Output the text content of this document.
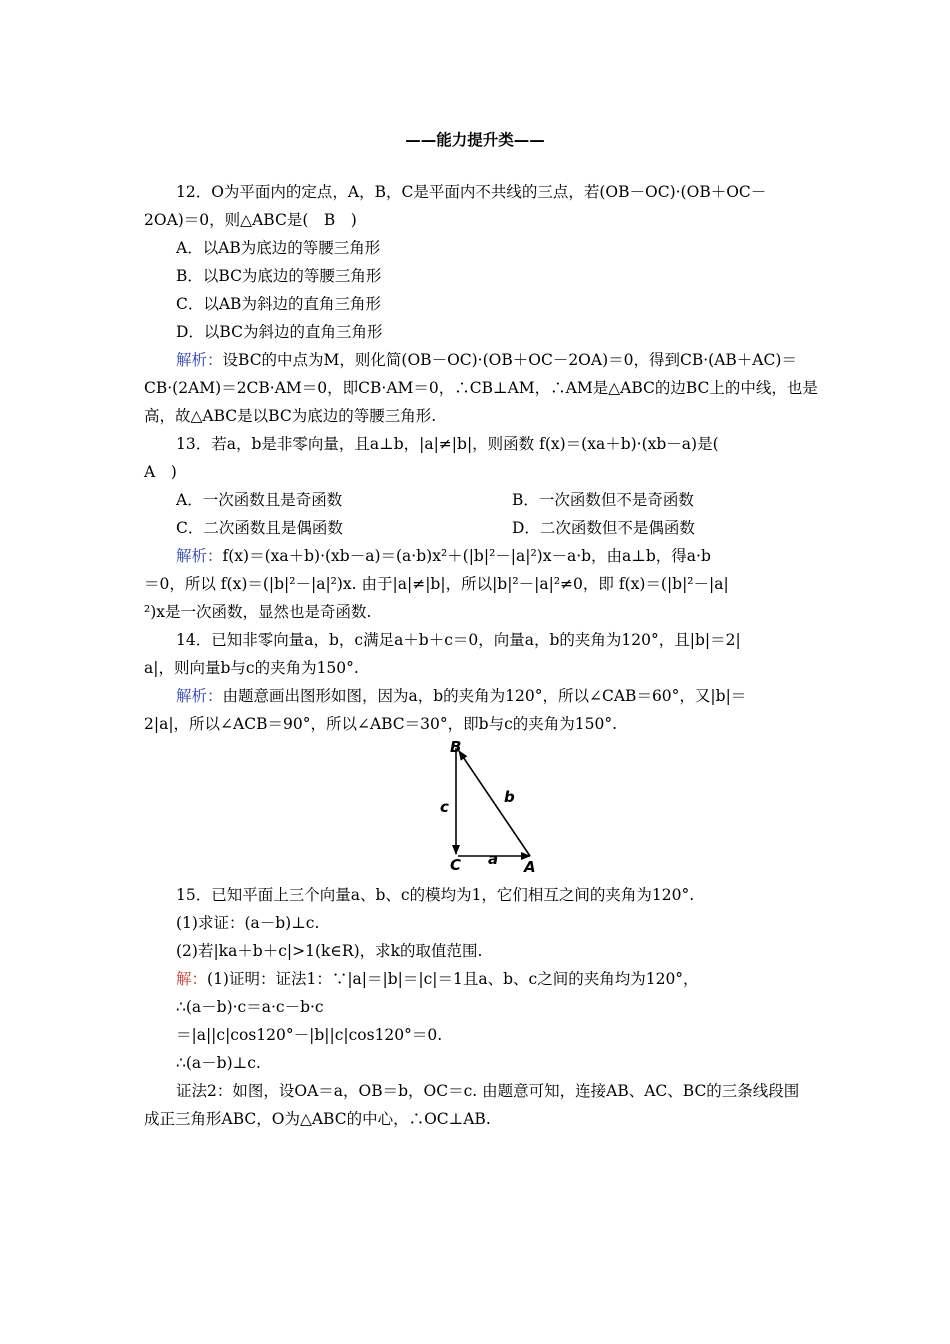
——能力提升类——
12．O为平面内的定点，A，B，C是平面内不共线的三点，若(OB－OC)·(OB＋OC－
2OA)＝0，则△ABC是(　B　)
A．以AB为底边的等腰三角形
B．以BC为底边的等腰三角形
C．以AB为斜边的直角三角形
D．以BC为斜边的直角三角形
解析：设BC的中点为M，则化简(OB－OC)·(OB＋OC－2OA)＝0，得到CB·(AB＋AC)＝
CB·(2AM)＝2CB·AM＝0，即CB·AM＝0，∴CB⊥AM，∴AM是△ABC的边BC上的中线，也是
高，故△ABC是以BC为底边的等腰三角形.
13．若a，b是非零向量，且a⊥b，|a|≠|b|，则函数 f(x)＝(xa＋b)·(xb－a)是(
A　)
A．一次函数且是奇函数	B．一次函数但不是奇函数
C．二次函数且是偶函数	D．二次函数但不是偶函数
解析：f(x)＝(xa＋b)·(xb－a)＝(a·b)x²＋(|b|²－|a|²)x－a·b，由a⊥b，得a·b
＝0，所以 f(x)＝(|b|²－|a|²)x. 由于|a|≠|b|，所以|b|²－|a|²≠0，即 f(x)＝(|b|²－|a|
²)x是一次函数，显然也是奇函数.
14．已知非零向量a，b，c满足a＋b＋c＝0，向量a，b的夹角为120°，且|b|＝2|
a|，则向量b与c的夹角为150°.
解析：由题意画出图形如图，因为a，b的夹角为120°，所以∠CAB＝60°，又|b|＝
2|a|，所以∠ACB＝90°，所以∠ABC＝30°，即b与c的夹角为150°.
B
C	A
a
b
c
15．已知平面上三个向量a、b、c的模均为1，它们相互之间的夹角为120°.
(1)求证：(a－b)⊥c.
(2)若|ka＋b＋c|>1(k∈R)，求k的取值范围.
解：(1)证明：证法1：∵|a|＝|b|＝|c|＝1且a、b、c之间的夹角均为120°，
∴(a－b)·c＝a·c－b·c
＝|a||c|cos120°－|b||c|cos120°＝0.
∴(a－b)⊥c.
证法2：如图，设OA＝a，OB＝b，OC＝c. 由题意可知，连接AB、AC、BC的三条线段围
成正三角形ABC，O为△ABC的中心，∴OC⊥AB.
